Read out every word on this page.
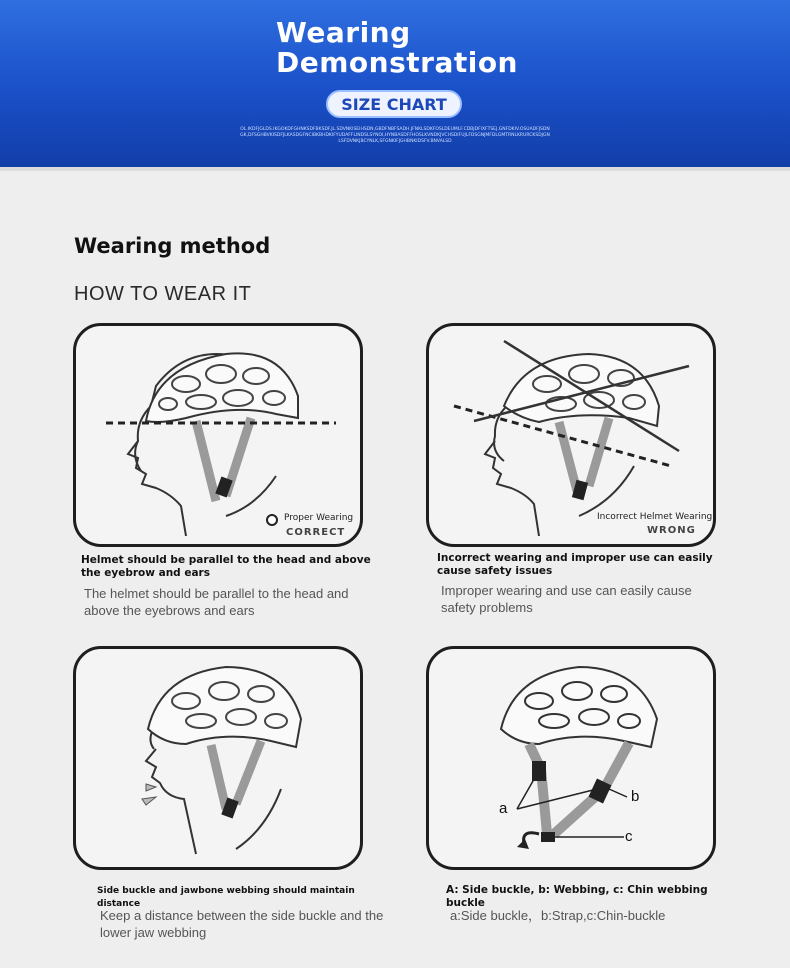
Wearing
Demonstration
SIZE CHART
OL.IKDFJGLDS.IKGOKDFGHNKSDFBKSDF.JL.SDVNKISEIHSDN,GBDFNBFSADH.JFNKLSDKFOSLDEUMLF.CDBJDFIXFTSEJ.GNFDKIV.OSUADFJSDNGK,DFSGHBVKISDFJLKASDGFNCIBKBHDKIFYUDAFFLINDSLSYNOI,HYNBASDFFHOSLKVNDKJVCHSDIFUJLFDSGNJMFDLGMTRNLKRURCKSDJGNLSFDVNKJBCYNLK,SFGNKIFJGHBNKIDSFV.BNVALSD
Wearing method
HOW TO WEAR IT
Proper Wearing
CORRECT
Helmet should be parallel to the head and above the eyebrow and ears
The helmet should be parallel to the head and above the eyebrows and ears
Incorrect Helmet Wearing
WRONG
Incorrect wearing and improper use can easily cause safety issues
Improper wearing and use can easily cause safety problems
Side buckle and jawbone webbing should maintain distance
Keep a distance between the side buckle and the lower jaw webbing
a
b
c
A: Side buckle, b: Webbing, c: Chin webbing buckle
a:Side buckle，b:Strap,c:Chin-buckle
